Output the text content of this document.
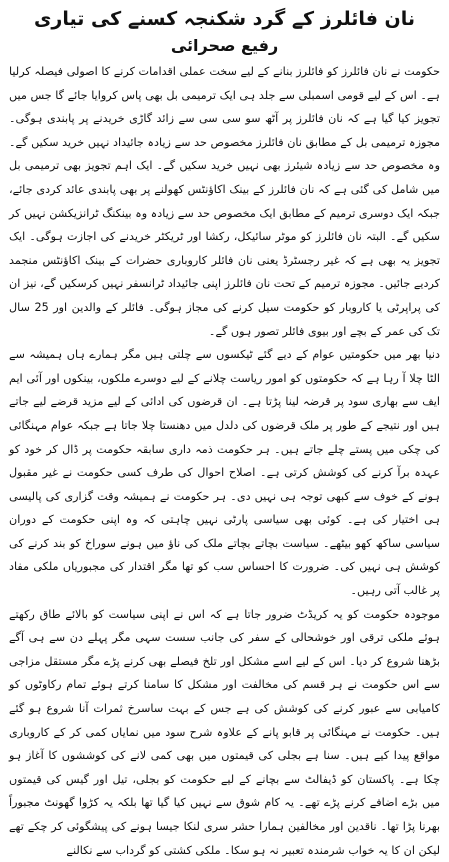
نان فائلرز کے گرد شکنجہ کسنے کی تیاری
رفیع صحرائی

حکومت نے نان فائلرز کو فائلرز بنانے کے لیے سخت عملی اقدامات کرنے کا اصولی فیصلہ کرلیا ہے۔ اس کے لیے قومی اسمبلی سے جلد ہی ایک ترمیمی بل بھی پاس کروایا جائے گا جس میں تجویز کیا گیا ہے کہ نان فائلرز پر آٹھ سو سی سی سے زائد گاڑی خریدنے پر پابندی ہوگی۔ مجوزہ ترمیمی بل کے مطابق نان فائلرز مخصوص حد سے زیادہ جائیداد نہیں خرید سکیں گے۔ وہ مخصوص حد سے زیادہ شیئرز بھی نہیں خرید سکیں گے۔ ایک اہم تجویز بھی ترمیمی بل میں شامل کی گئی ہے کہ نان فائلرز کے بینک اکاؤنٹس کھولنے پر بھی پابندی عائد کردی جائے، جبکہ ایک دوسری ترمیم کے مطابق ایک مخصوص حد سے زیادہ وہ بینکنگ ٹرانزیکشن نہیں کر سکیں گے۔ البتہ نان فائلرز کو موٹر سائیکل، رکشا اور ٹریکٹر خریدنے کی اجازت ہوگی۔ ایک تجویز یہ بھی ہے کہ غیر رجسٹرڈ یعنی نان فائلر کاروباری حضرات کے بینک اکاؤنٹس منجمد کردیے جائیں۔ مجوزہ ترمیم کے تحت نان فائلرز اپنی جائیداد ٹرانسفر نہیں کرسکیں گے، نیز ان کی پراپرٹی یا کاروبار کو حکومت سیل کرنے کی مجاز ہوگی۔ فائلر کے والدین اور 25 سال تک کی عمر کے بچے اور بیوی فائلر تصور ہوں گے۔

دنیا بھر میں حکومتیں عوام کے دیے گئے ٹیکسوں سے چلتی ہیں مگر ہمارے ہاں ہمیشہ سے الٹا چلا آ رہا ہے کہ حکومتوں کو امور ریاست چلانے کے لیے دوسرے ملکوں، بینکوں اور آئی ایم ایف سے بھاری سود پر قرضہ لینا پڑتا ہے۔ ان قرضوں کی ادائی کے لیے مزید قرضے لیے جاتے ہیں اور نتیجے کے طور پر ملک قرضوں کی دلدل میں دھنستا چلا جاتا ہے جبکہ عوام مہنگائی کی چکی میں پستے چلے جاتے ہیں۔ ہر حکومت ذمہ داری سابقہ حکومت پر ڈال کر خود کو عہدہ برآ کرنے کی کوشش کرتی ہے۔ اصلاح احوال کی طرف کسی حکومت نے غیر مقبول ہونے کے خوف سے کبھی توجہ ہی نہیں دی۔ ہر حکومت نے ہمیشہ وقت گزاری کی پالیسی ہی اختیار کی ہے۔ کوئی بھی سیاسی پارٹی نہیں چاہتی کہ وہ اپنی حکومت کے دوران سیاسی ساکھ کھو بیٹھے۔ سیاست بچاتے بچاتے ملک کی ناؤ میں ہونے سوراخ کو بند کرنے کی کوشش ہی نہیں کی۔ ضرورت کا احساس سب کو تھا مگر اقتدار کی مجبوریاں ملکی مفاد پر غالب آتی رہیں۔

موجودہ حکومت کو یہ کریڈٹ ضرور جاتا ہے کہ اس نے اپنی سیاست کو بالائے طاق رکھتے ہوئے ملکی ترقی اور خوشحالی کے سفر کی جانب سست سہی مگر پہلے دن سے ہی آگے بڑھنا شروع کر دیا۔ اس کے لیے اسے مشکل اور تلخ فیصلے بھی کرنے پڑے مگر مستقل مزاجی سے اس حکومت نے ہر قسم کی مخالفت اور مشکل کا سامنا کرتے ہوئے تمام رکاوٹوں کو کامیابی سے عبور کرنے کی کوشش کی ہے جس کے بہت ساسرخ ثمرات آنا شروع ہو گئے ہیں۔ حکومت نے مہنگائی پر قابو پانے کے علاوہ شرح سود میں نمایاں کمی کر کے کاروباری مواقع پیدا کیے ہیں۔ سنا ہے بجلی کی قیمتوں میں بھی کمی لانے کی کوششوں کا آغاز ہو چکا ہے۔ پاکستان کو ڈیفالٹ سے بچانے کے لیے حکومت کو بجلی، تیل اور گیس کی قیمتوں میں بڑے اضافے کرنے پڑے تھے۔ یہ کام شوق سے نہیں کیا گیا تھا بلکہ یہ کڑوا گھونٹ مجبوراً بھرنا پڑا تھا۔ ناقدین اور مخالفین ہمارا حشر سری لنکا جیسا ہونے کی پیشگوئی کر چکے تھے لیکن ان کا یہ خواب شرمندہ تعبیر نہ ہو سکا۔ ملکی کشتی کو گرداب سے نکالنے
